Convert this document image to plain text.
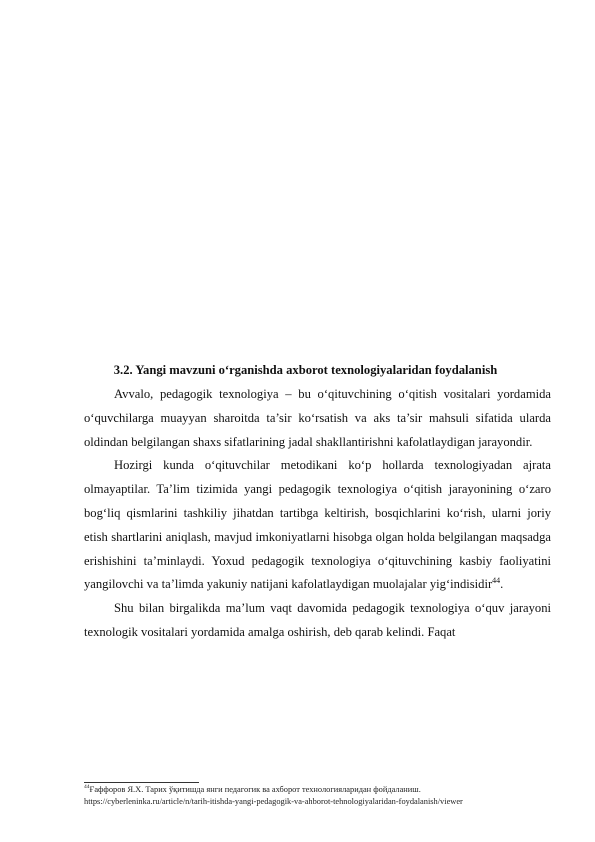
3.2. Yangi mavzuni o‘rganishda axborot texnologiyalaridan foydalanish

Avvalo, pedagogik texnologiya – bu o‘qituvchining o‘qitish vositalari yordamida o‘quvchilarga muayyan sharoitda ta’sir ko‘rsatish va aks ta’sir mahsuli sifatida ularda oldindan belgilangan shaxs sifatlarining jadal shakllantirishni kafolatlaydigan jarayondir.

Hozirgi kunda o‘qituvchilar metodikani ko‘p hollarda texnologiyadan ajrata olmayaptilar. Ta’lim tizimida yangi pedagogik texnologiya o‘qitish jarayonining o‘zaro bog‘liq qismlarini tashkiliy jihatdan tartibga keltirish, bosqichlarini ko‘rish, ularni joriy etish shartlarini aniqlash, mavjud imkoniyatlarni hisobga olgan holda belgilangan maqsadga erishishini ta’minlaydi. Yoxud pedagogik texnologiya o‘qituvchining kasbiy faoliyatini yangilovchi va ta’limda yakuniy natijani kafolatlaydigan muolajalar yig‘indisidir$^{44}$.

Shu bilan birgalikda ma’lum vaqt davomida pedagogik texnologiya o‘quv jarayoni texnologik vositalari yordamida amalga oshirish, deb qarab kelindi. Faqat

$^{44}$Ғаффоров Я.Х. Тарих ўқитишда янги педагогик ва ахборот технологияларидан фойдаланиш.
https://cyberleninka.ru/article/n/tarih-itishda-yangi-pedagogik-va-ahborot-tehnologiyalaridan-foydalanish/viewer
